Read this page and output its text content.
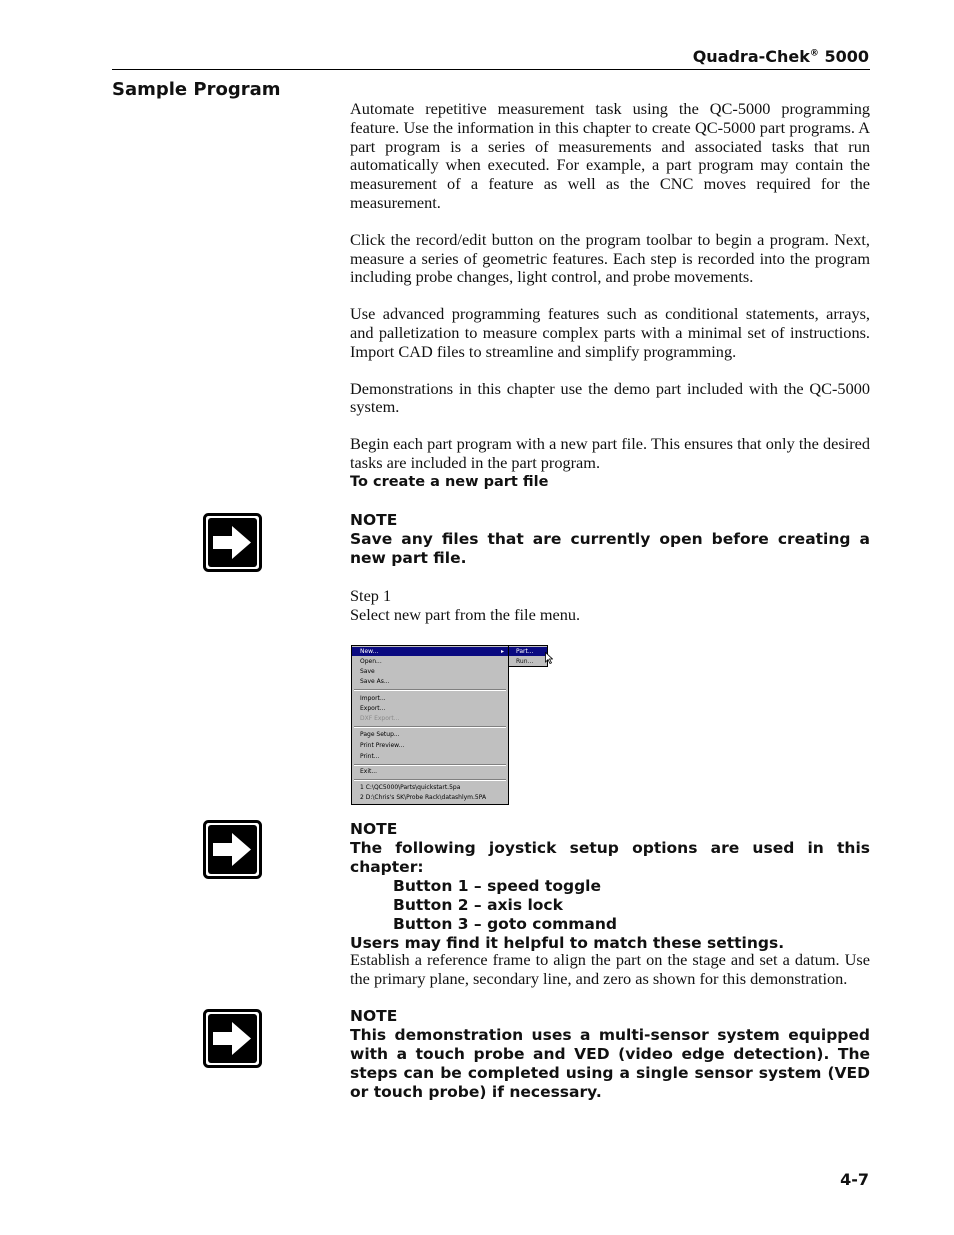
Quadra-Chek® 5000
Sample Program

Automate repetitive measurement task using the QC-5000 programming feature. Use the information in this chapter to create QC-5000 part programs. A part program is a series of measurements and associated tasks that run automatically when executed. For example, a part program may contain the measurement of a feature as well as the CNC moves required for the measurement.

Click the record/edit button on the program toolbar to begin a program. Next, measure a series of geometric features. Each step is recorded into the program including probe changes, light control, and probe movements.

Use advanced programming features such as conditional statements, arrays, and palletization to measure complex parts with a minimal set of instructions. Import CAD files to streamline and simplify programming.

Demonstrations in this chapter use the demo part included with the QC-5000 system.

Begin each part program with a new part file. This ensures that only the desired tasks are included in the part program.

To create a new part file
NOTE

Save any files that are currently open before creating a new part file.

Step 1
Select new part from the file menu.
New...	▸
Open...
Save
Save As...
Import...
Export...
DXF Export...
Page Setup...
Print Preview...
Print...
Exit...
1 C:\QC5000\Parts\quickstart.5pa
2 D:\Chris's SK\Probe Rack\datashlym.5PA
Part...
Run...
NOTE
The following joystick setup options are used in this chapter:
Button 1 – speed toggle
Button 2 – axis lock
Button 3 – goto command
Users may find it helpful to match these settings.

Establish a reference frame to align the part on the stage and set a datum. Use the primary plane, secondary line, and zero as shown for this demonstration.

NOTE

This demonstration uses a multi-sensor system equipped with a touch probe and VED (video edge detection). The steps can be completed using a single sensor system (VED or touch probe) if necessary.

4-7
